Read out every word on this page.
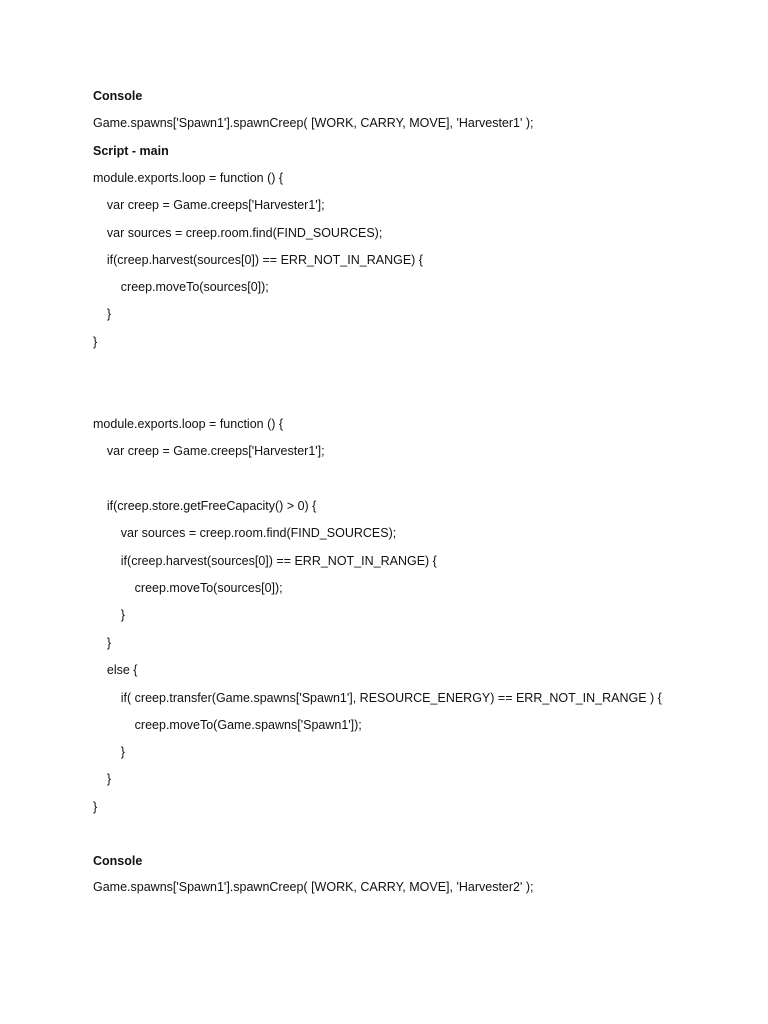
Console

Game.spawns['Spawn1'].spawnCreep( [WORK, CARRY, MOVE], 'Harvester1' );

Script - main

module.exports.loop = function () {

var creep = Game.creeps['Harvester1'];

var sources = creep.room.find(FIND_SOURCES);

if(creep.harvest(sources[0]) == ERR_NOT_IN_RANGE) {

creep.moveTo(sources[0]);

}

}

module.exports.loop = function () {

var creep = Game.creeps['Harvester1'];

if(creep.store.getFreeCapacity() > 0) {

var sources = creep.room.find(FIND_SOURCES);

if(creep.harvest(sources[0]) == ERR_NOT_IN_RANGE) {

creep.moveTo(sources[0]);

}

}

else {

if( creep.transfer(Game.spawns['Spawn1'], RESOURCE_ENERGY) == ERR_NOT_IN_RANGE ) {

creep.moveTo(Game.spawns['Spawn1']);

}

}

}

Console

Game.spawns['Spawn1'].spawnCreep( [WORK, CARRY, MOVE], 'Harvester2' );
